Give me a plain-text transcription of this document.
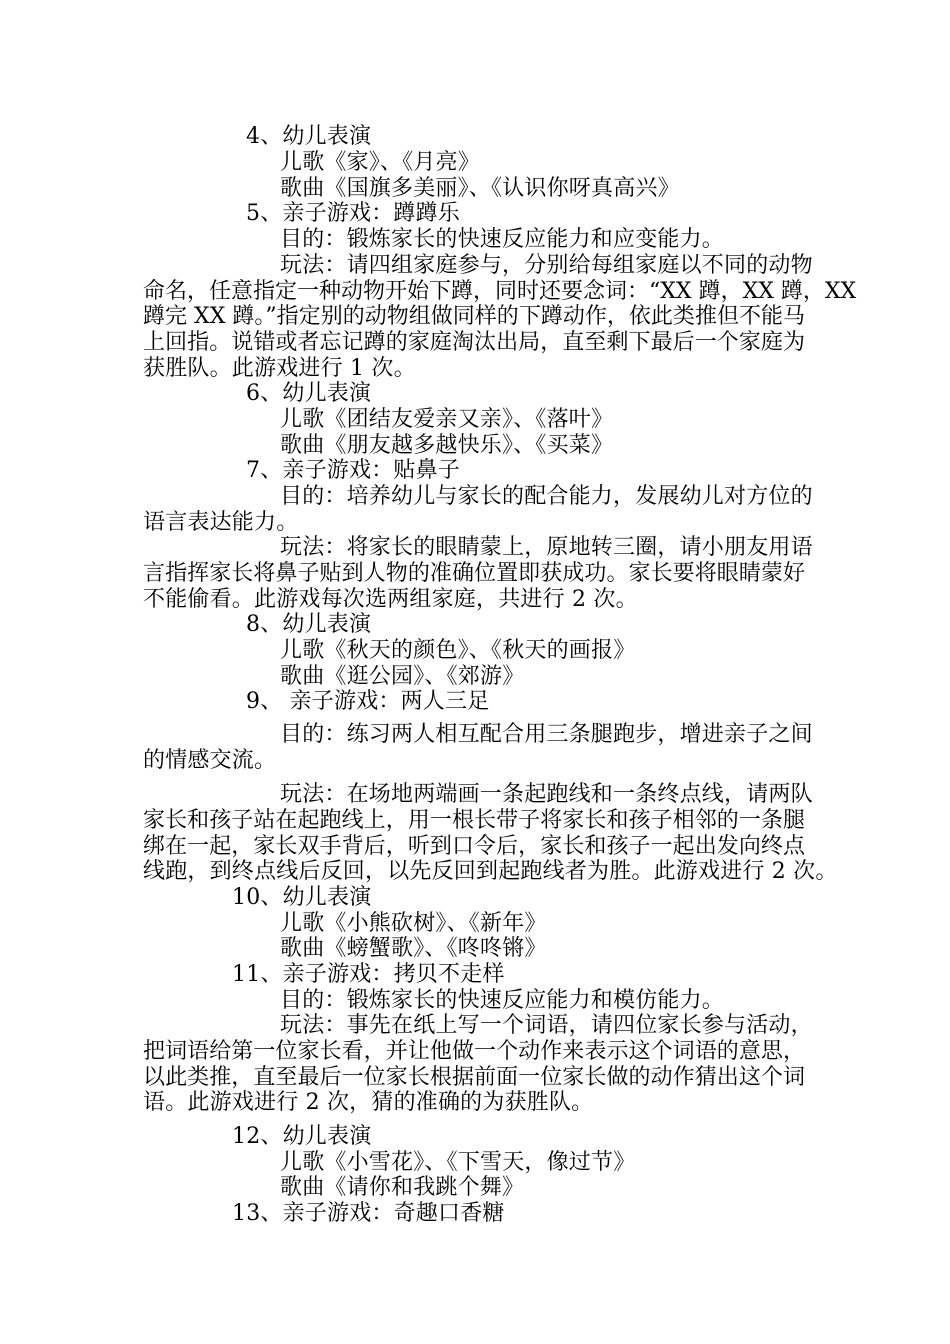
4、幼儿表演
儿歌《家》、《月亮》
歌曲《国旗多美丽》、《认识你呀真高兴》
5、亲子游戏：蹲蹲乐
目的：锻炼家长的快速反应能力和应变能力。
玩法：请四组家庭参与，分别给每组家庭以不同的动物
命名，任意指定一种动物开始下蹲，同时还要念词：“XX 蹲，XX 蹲，XX
蹲完 XX 蹲。”指定别的动物组做同样的下蹲动作，依此类推但不能马
上回指。说错或者忘记蹲的家庭淘汰出局，直至剩下最后一个家庭为
获胜队。此游戏进行 1 次。
6、幼儿表演
儿歌《团结友爱亲又亲》、《落叶》
歌曲《朋友越多越快乐》、《买菜》
7、亲子游戏：贴鼻子
目的：培养幼儿与家长的配合能力，发展幼儿对方位的
语言表达能力。
玩法：将家长的眼睛蒙上，原地转三圈，请小朋友用语
言指挥家长将鼻子贴到人物的准确位置即获成功。家长要将眼睛蒙好
不能偷看。此游戏每次选两组家庭，共进行 2 次。
8、幼儿表演
儿歌《秋天的颜色》、《秋天的画报》
歌曲《逛公园》、《郊游》
9、 亲子游戏：两人三足
目的：练习两人相互配合用三条腿跑步，增进亲子之间
的情感交流。
玩法：在场地两端画一条起跑线和一条终点线，请两队
家长和孩子站在起跑线上，用一根长带子将家长和孩子相邻的一条腿
绑在一起，家长双手背后，听到口令后，家长和孩子一起出发向终点
线跑，到终点线后反回，以先反回到起跑线者为胜。此游戏进行 2 次。
10、幼儿表演
儿歌《小熊砍树》、《新年》
歌曲《螃蟹歌》、《咚咚锵》
11、亲子游戏：拷贝不走样
目的：锻炼家长的快速反应能力和模仿能力。
玩法：事先在纸上写一个词语，请四位家长参与活动，
把词语给第一位家长看，并让他做一个动作来表示这个词语的意思，
以此类推，直至最后一位家长根据前面一位家长做的动作猜出这个词
语。此游戏进行 2 次，猜的准确的为获胜队。
12、幼儿表演
儿歌《小雪花》、《下雪天，像过节》
歌曲《请你和我跳个舞》
13、亲子游戏：奇趣口香糖
